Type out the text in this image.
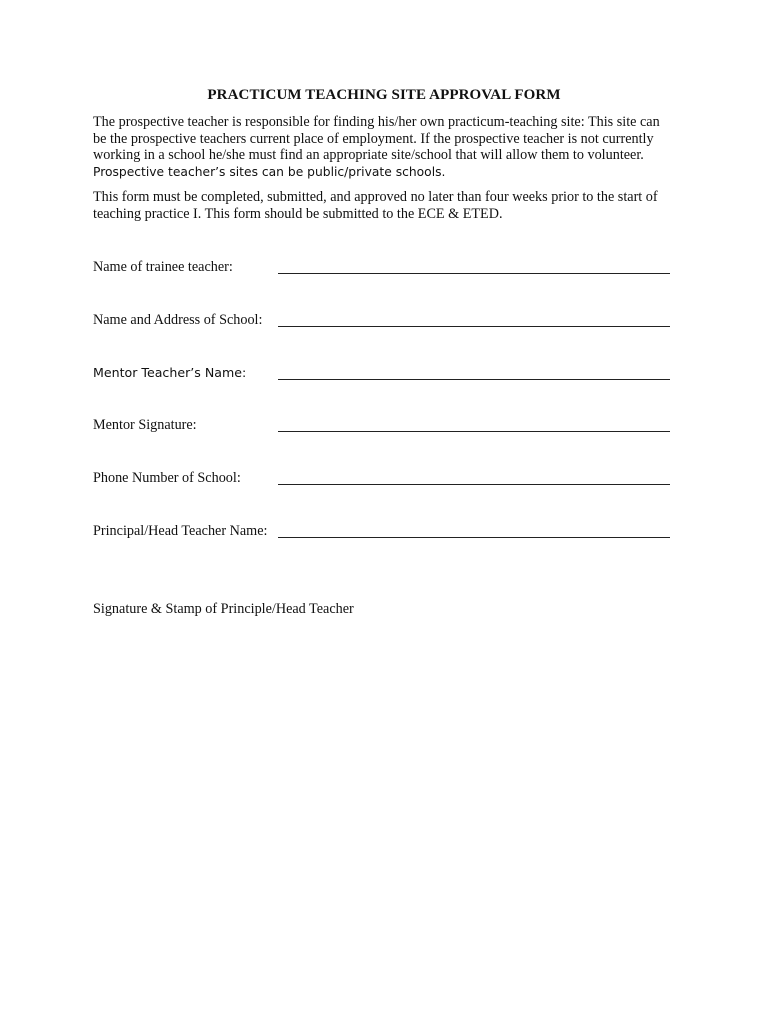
PRACTICUM TEACHING SITE APPROVAL FORM
The prospective teacher is responsible for finding his/her own practicum-teaching site: This site can
be the prospective teachers current place of employment. If the prospective teacher is not currently
working in a school he/she must find an appropriate site/school that will allow them to volunteer.
Prospective teacher’s sites can be public/private schools.
This form must be completed, submitted, and approved no later than four weeks prior to the start of
teaching practice I. This form should be submitted to the ECE & ETED.
Name of trainee teacher:
Name and Address of School:
Mentor Teacher’s Name:
Mentor Signature:
Phone Number of School:
Principal/Head Teacher Name:
Signature & Stamp of Principle/Head Teacher
